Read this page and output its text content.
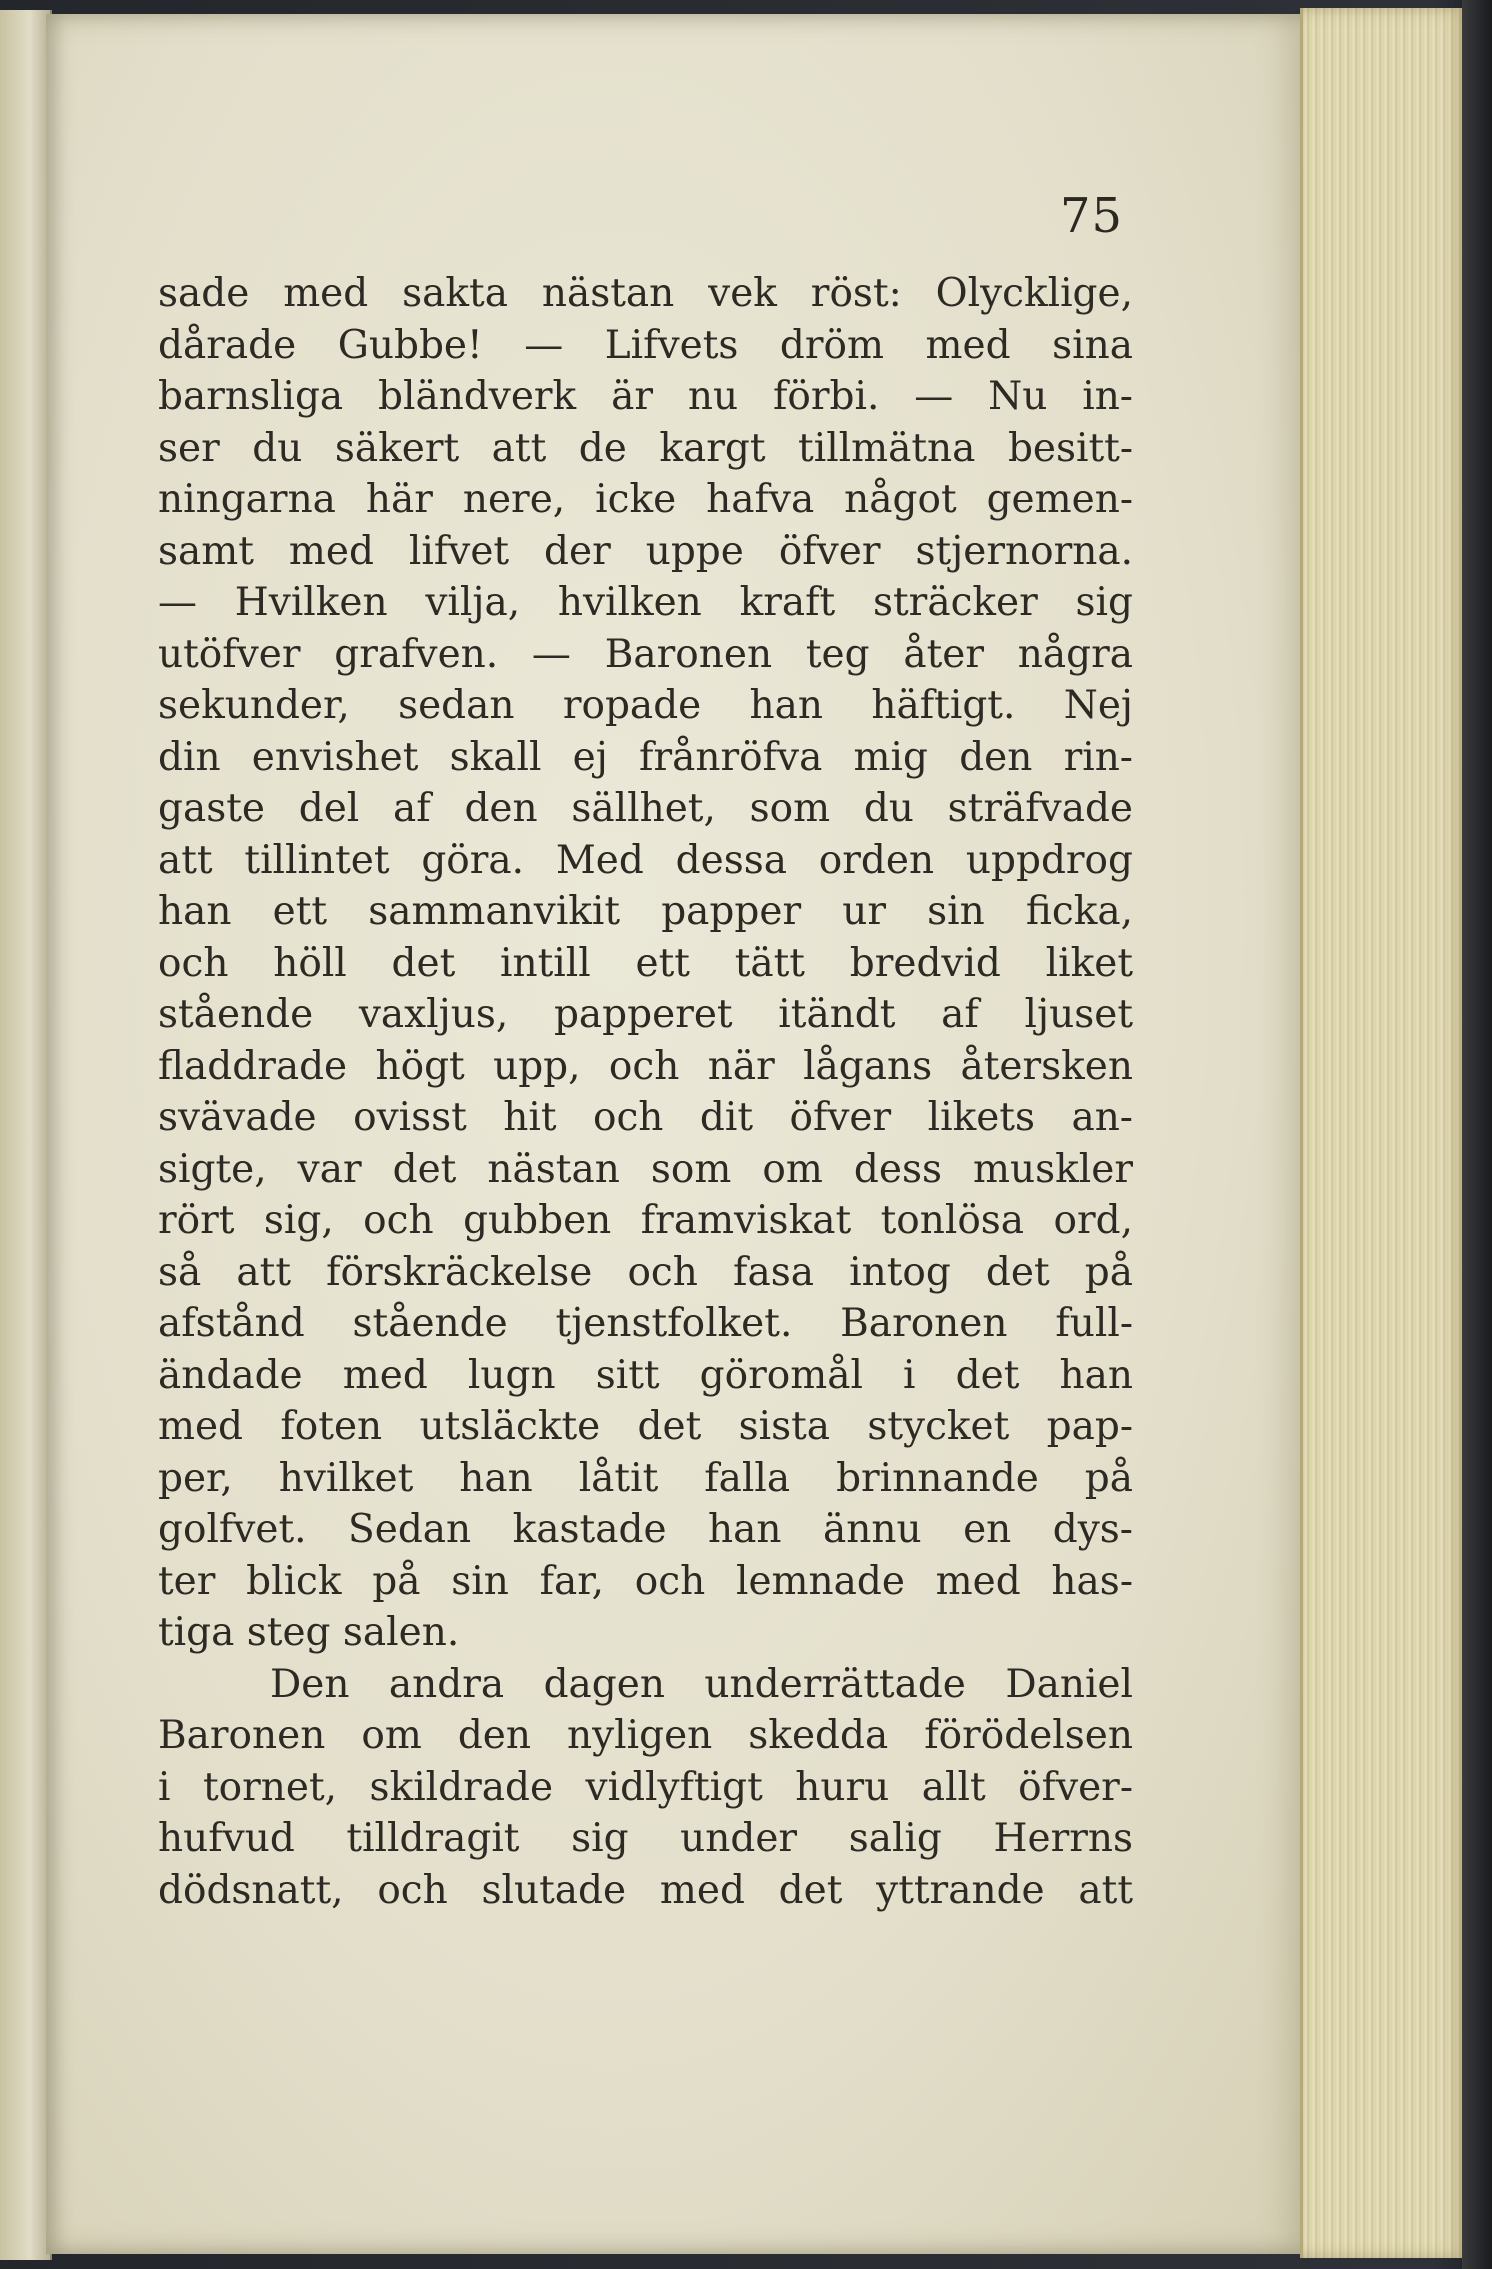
75
sade med sakta nästan vek röst: Olycklige,
dårade Gubbe! — Lifvets dröm med sina
barnsliga bländverk är nu förbi. — Nu in-
ser du säkert att de kargt tillmätna besitt-
ningarna här nere, icke hafva något gemen-
samt med lifvet der uppe öfver stjernorna.
— Hvilken vilja, hvilken kraft sträcker sig
utöfver grafven. — Baronen teg åter några
sekunder, sedan ropade han häftigt. Nej
din envishet skall ej frånröfva mig den rin-
gaste del af den sällhet, som du sträfvade
att tillintet göra. Med dessa orden uppdrog
han ett sammanvikit papper ur sin ficka,
och höll det intill ett tätt bredvid liket
stående vaxljus, papperet itändt af ljuset
fladdrade högt upp, och när lågans återsken
svävade ovisst hit och dit öfver likets an-
sigte, var det nästan som om dess muskler
rört sig, och gubben framviskat tonlösa ord,
så att förskräckelse och fasa intog det på
afstånd stående tjenstfolket. Baronen full-
ändade med lugn sitt göromål i det han
med foten utsläckte det sista stycket pap-
per, hvilket han låtit falla brinnande på
golfvet. Sedan kastade han ännu en dys-
ter blick på sin far, och lemnade med has-
tiga steg salen.
Den andra dagen underrättade Daniel
Baronen om den nyligen skedda förödelsen
i tornet, skildrade vidlyftigt huru allt öfver-
hufvud tilldragit sig under salig Herrns
dödsnatt, och slutade med det yttrande att
